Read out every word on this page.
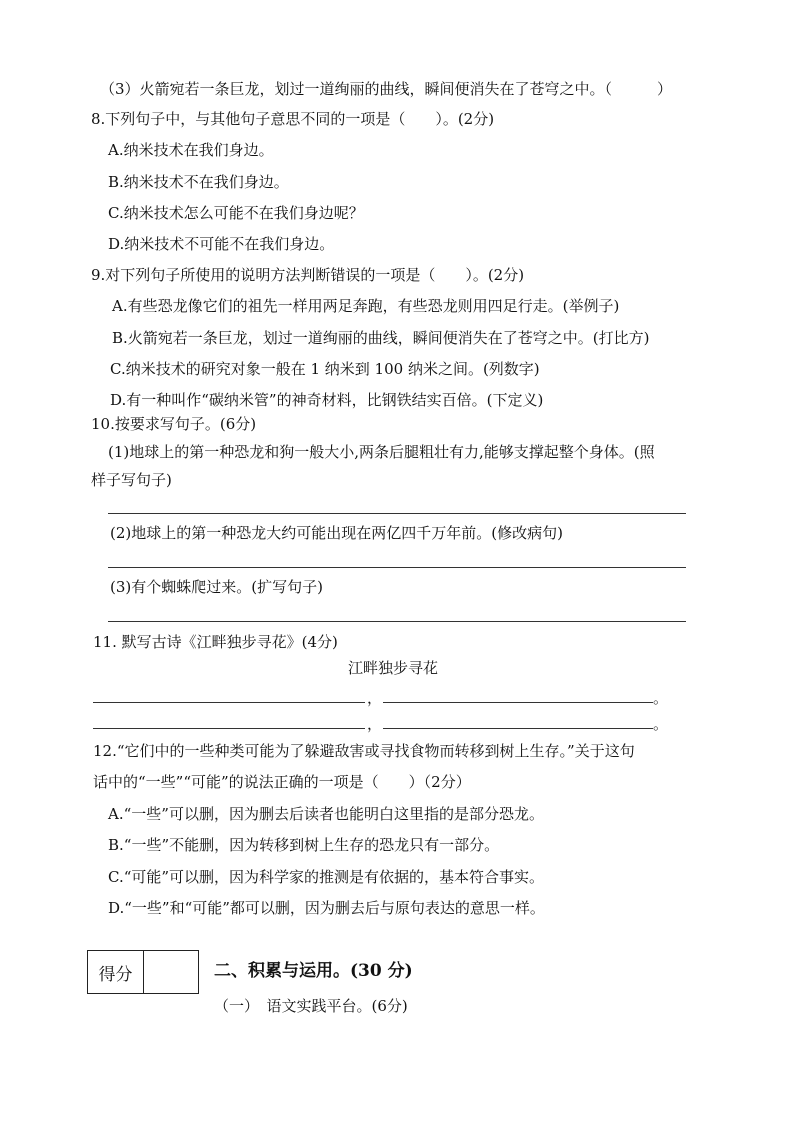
（3）火箭宛若一条巨龙，划过一道绚丽的曲线，瞬间便消失在了苍穹之中。（　　　）
8.下列句子中，与其他句子意思不同的一项是（　　）。(2分)
A.纳米技术在我们身边。
B.纳米技术不在我们身边。
C.纳米技术怎么可能不在我们身边呢？
D.纳米技术不可能不在我们身边。
9.对下列句子所使用的说明方法判断错误的一项是（　　）。(2分)
A.有些恐龙像它们的祖先一样用两足奔跑，有些恐龙则用四足行走。(举例子)
B.火箭宛若一条巨龙，划过一道绚丽的曲线，瞬间便消失在了苍穹之中。(打比方)
C.纳米技术的研究对象一般在 1 纳米到 100 纳米之间。(列数字)
D.有一种叫作“碳纳米管”的神奇材料，比钢铁结实百倍。(下定义)
10.按要求写句子。(6分)
(1)地球上的第一种恐龙和狗一般大小,两条后腿粗壮有力,能够支撑起整个身体。(照
样子写句子)
(2)地球上的第一种恐龙大约可能出现在两亿四千万年前。(修改病句)
(3)有个蜘蛛爬过来。(扩写句子)
11. 默写古诗《江畔独步寻花》(4分)
江畔独步寻花
，	。
，	。
12.“它们中的一些种类可能为了躲避敌害或寻找食物而转移到树上生存。”关于这句
话中的“一些”“可能”的说法正确的一项是（　　）（2分）
A.“一些”可以删，因为删去后读者也能明白这里指的是部分恐龙。
B.“一些”不能删，因为转移到树上生存的恐龙只有一部分。
C.“可能”可以删，因为科学家的推测是有依据的，基本符合事实。
D.“一些”和“可能”都可以删，因为删去后与原句表达的意思一样。
得分	二、积累与运用。(30 分)
（一）　语文实践平台。(6分)
